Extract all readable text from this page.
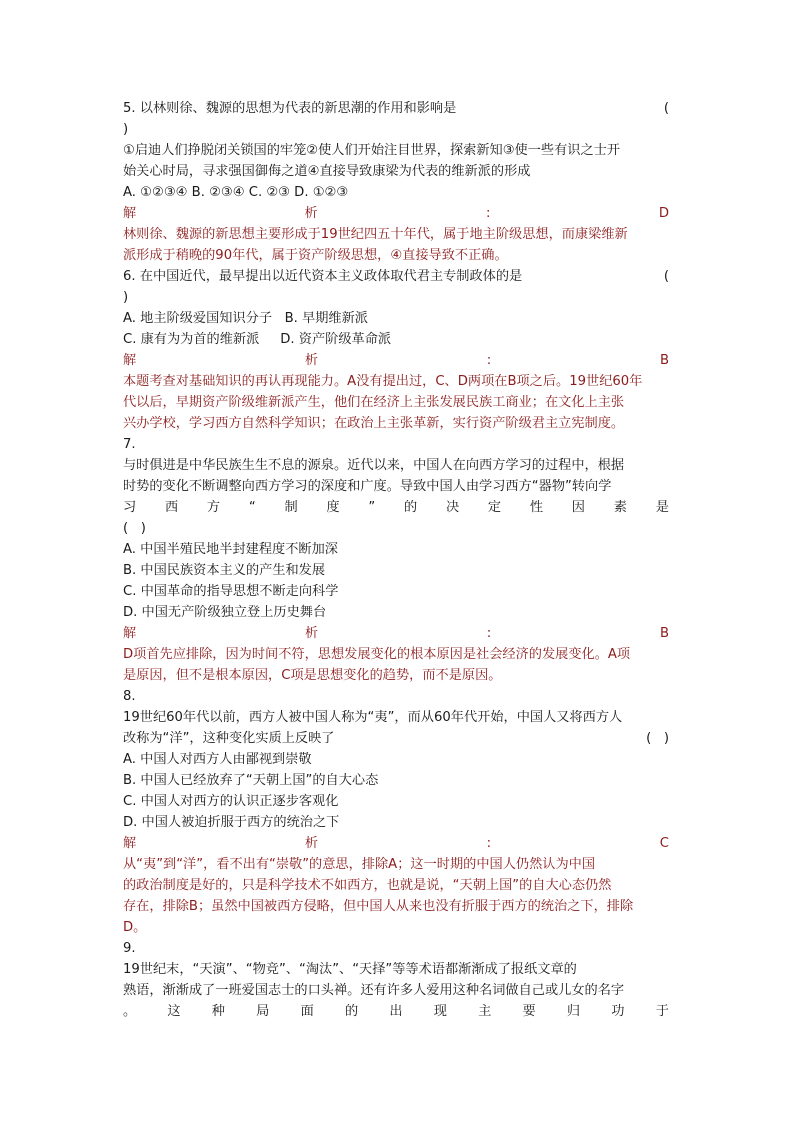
5. 以林则徐、魏源的思想为代表的新思潮的作用和影响是	(
)
①启迪人们挣脱闭关锁国的牢笼②使人们开始注目世界，探索新知③使一些有识之士开
始关心时局，寻求强国御侮之道④直接导致康梁为代表的维新派的形成
A. ①②③④ B. ②③④ C. ②③ D. ①②③
解	析	:	D
林则徐、魏源的新思想主要形成于19世纪四五十年代，属于地主阶级思想，而康梁维新
派形成于稍晚的90年代，属于资产阶级思想，④直接导致不正确。
6. 在中国近代，最早提出以近代资本主义政体取代君主专制政体的是	(
)
A. 地主阶级爱国知识分子   B. 早期维新派
C. 康有为为首的维新派     D. 资产阶级革命派
解	析	:	B
本题考查对基础知识的再认再现能力。A没有提出过，C、D两项在B项之后。19世纪60年
代以后，早期资产阶级维新派产生，他们在经济上主张发展民族工商业；在文化上主张
兴办学校，学习西方自然科学知识；在政治上主张革新，实行资产阶级君主立宪制度。
7.
与时俱进是中华民族生生不息的源泉。近代以来，中国人在向西方学习的过程中，根据
时势的变化不断调整向西方学习的深度和广度。导致中国人由学习西方“器物”转向学
习 西 方 “ 制 度 ” 的 决 定 性 因 素 是
(   )
A. 中国半殖民地半封建程度不断加深
B. 中国民族资本主义的产生和发展
C. 中国革命的指导思想不断走向科学
D. 中国无产阶级独立登上历史舞台
解	析	:	B
D项首先应排除，因为时间不符，思想发展变化的根本原因是社会经济的发展变化。A项
是原因，但不是根本原因，C项是思想变化的趋势，而不是原因。
8.
19世纪60年代以前，西方人被中国人称为“夷”，而从60年代开始，中国人又将西方人
改称为“洋”，这种变化实质上反映了	(   )
A. 中国人对西方人由鄙视到崇敬
B. 中国人已经放弃了“天朝上国”的自大心态
C. 中国人对西方的认识正逐步客观化
D. 中国人被迫折服于西方的统治之下
解	析	:	C
从“夷”到“洋”，看不出有“崇敬”的意思，排除A；这一时期的中国人仍然认为中国
的政治制度是好的，只是科学技术不如西方，也就是说，“天朝上国”的自大心态仍然
存在，排除B；虽然中国被西方侵略，但中国人从来也没有折服于西方的统治之下，排除
D。
9.
19世纪末，“天演”、“物竞”、“淘汰”、“天择”等等术语都渐渐成了报纸文章的
熟语，渐渐成了一班爱国志士的口头禅。还有许多人爱用这种名词做自己或儿女的名字
。 这 种 局 面 的 出 现 主 要 归 功 于
